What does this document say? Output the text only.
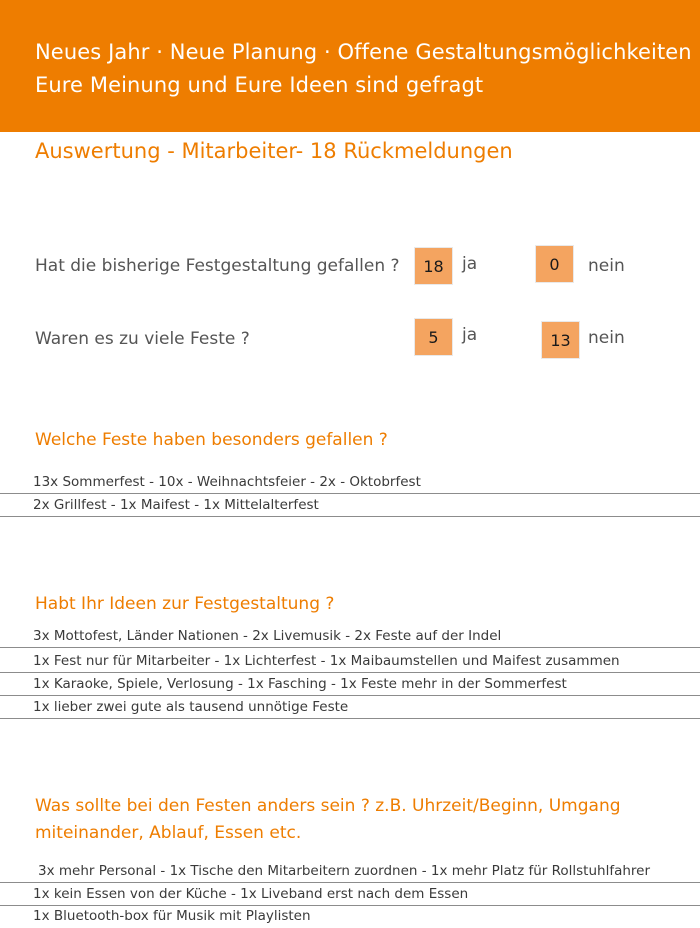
Neues Jahr · Neue Planung · Offene Gestaltungsmöglichkeiten
Eure Meinung und Eure Ideen sind gefragt
Auswertung - Mitarbeiter- 18 Rückmeldungen
Hat die bisherige Festgestaltung gefallen ?	18	ja	0	nein
Waren es zu viele Feste ?	5	ja	13	nein
Welche Feste haben besonders gefallen ?
13x Sommerfest - 10x - Weihnachtsfeier - 2x - Oktobrfest
2x Grillfest - 1x Maifest - 1x Mittelalterfest
Habt Ihr Ideen zur Festgestaltung ?
3x Mottofest, Länder Nationen - 2x Livemusik - 2x Feste auf der Indel
1x Fest nur für Mitarbeiter - 1x Lichterfest - 1x Maibaumstellen und Maifest zusammen
1x Karaoke, Spiele, Verlosung - 1x Fasching - 1x Feste mehr in der Sommerfest
1x lieber zwei gute als tausend unnötige Feste
Was sollte bei den Festen anders sein ? z.B. Uhrzeit/Beginn, Umgang
miteinander, Ablauf, Essen etc.
3x mehr Personal - 1x Tische den Mitarbeitern zuordnen - 1x mehr Platz für Rollstuhlfahrer
1x kein Essen von der Küche - 1x Liveband erst nach dem Essen
1x Bluetooth-box für Musik mit Playlisten
